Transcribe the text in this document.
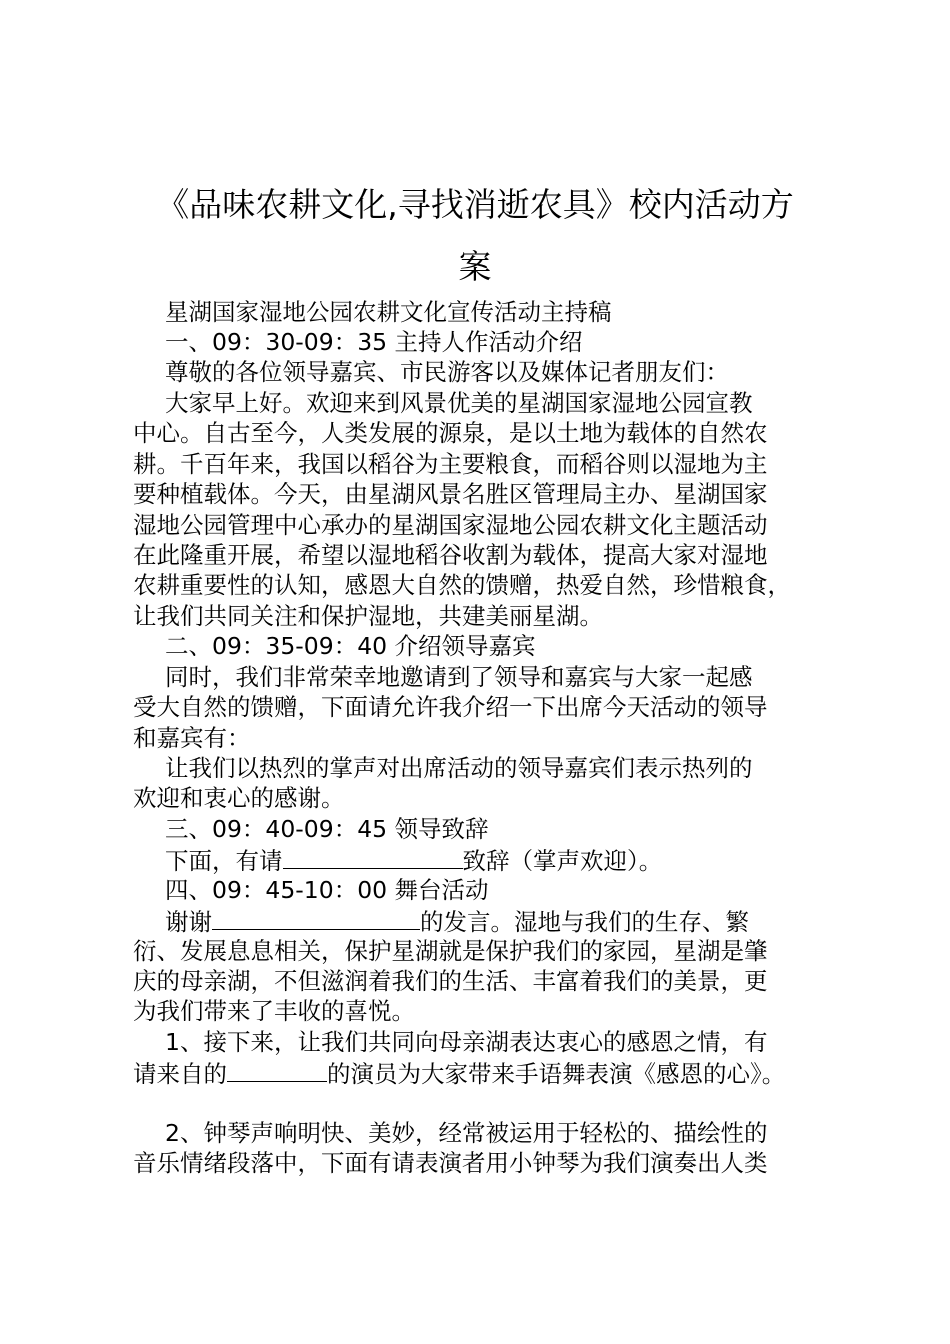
《品味农耕文化,寻找消逝农具》校内活动方
案
星湖国家湿地公园农耕文化宣传活动主持稿
一、09：30-09：35 主持人作活动介绍
尊敬的各位领导嘉宾、市民游客以及媒体记者朋友们：
大家早上好。欢迎来到风景优美的星湖国家湿地公园宣教
中心。自古至今，人类发展的源泉，是以土地为载体的自然农
耕。千百年来，我国以稻谷为主要粮食，而稻谷则以湿地为主
要种植载体。今天，由星湖风景名胜区管理局主办、星湖国家
湿地公园管理中心承办的星湖国家湿地公园农耕文化主题活动
在此隆重开展，希望以湿地稻谷收割为载体，提高大家对湿地
农耕重要性的认知，感恩大自然的馈赠，热爱自然，珍惜粮食，
让我们共同关注和保护湿地，共建美丽星湖。
二、09：35-09：40 介绍领导嘉宾
同时，我们非常荣幸地邀请到了领导和嘉宾与大家一起感
受大自然的馈赠，下面请允许我介绍一下出席今天活动的领导
和嘉宾有：
让我们以热烈的掌声对出席活动的领导嘉宾们表示热列的
欢迎和衷心的感谢。
三、09：40-09：45 领导致辞
下面，有请	致辞（掌声欢迎）。
四、09：45-10：00 舞台活动
谢谢	的发言。湿地与我们的生存、繁
衍、发展息息相关，保护星湖就是保护我们的家园，星湖是肇
庆的母亲湖，不但滋润着我们的生活、丰富着我们的美景，更
为我们带来了丰收的喜悦。
1、接下来，让我们共同向母亲湖表达衷心的感恩之情，有
请来自的	的演员为大家带来手语舞表演《感恩的心》。
2、钟琴声响明快、美妙，经常被运用于轻松的、描绘性的
音乐情绪段落中，下面有请表演者用小钟琴为我们演奏出人类
